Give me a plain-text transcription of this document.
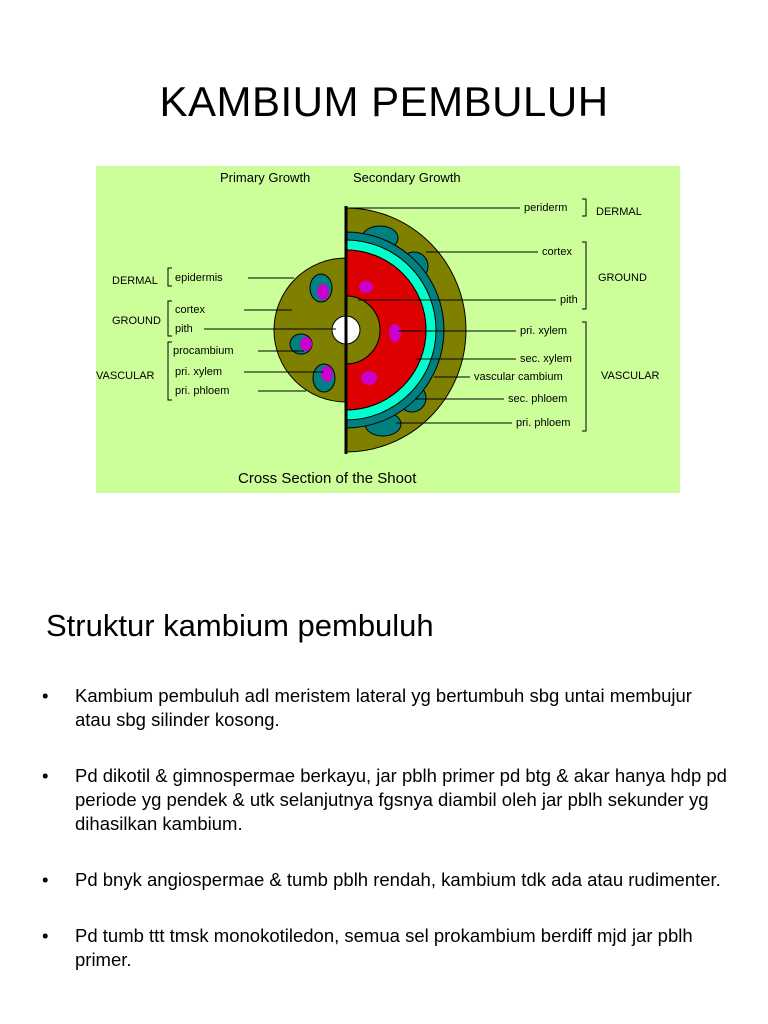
KAMBIUM PEMBULUH
Primary Growth	Secondary Growth
DERMAL
GROUND
VASCULAR
epidermis
cortex
pith
procambium
pri. xylem
pri. phloem
periderm
cortex
pith
pri. xylem
sec. xylem
vascular cambium
sec. phloem
pri. phloem
DERMAL
GROUND
VASCULAR
Cross Section of the Shoot
Struktur kambium pembuluh
• Kambium pembuluh adl meristem lateral yg bertumbuh sbg untai membujur atau sbg silinder kosong.
• Pd dikotil & gimnospermae berkayu, jar pblh primer pd btg & akar hanya hdp pd periode yg pendek & utk selanjutnya fgsnya diambil oleh jar pblh sekunder yg dihasilkan kambium.
• Pd bnyk angiospermae & tumb pblh rendah, kambium tdk ada atau rudimenter.
• Pd tumb ttt tmsk monokotiledon, semua sel prokambium berdiff mjd jar pblh primer.
